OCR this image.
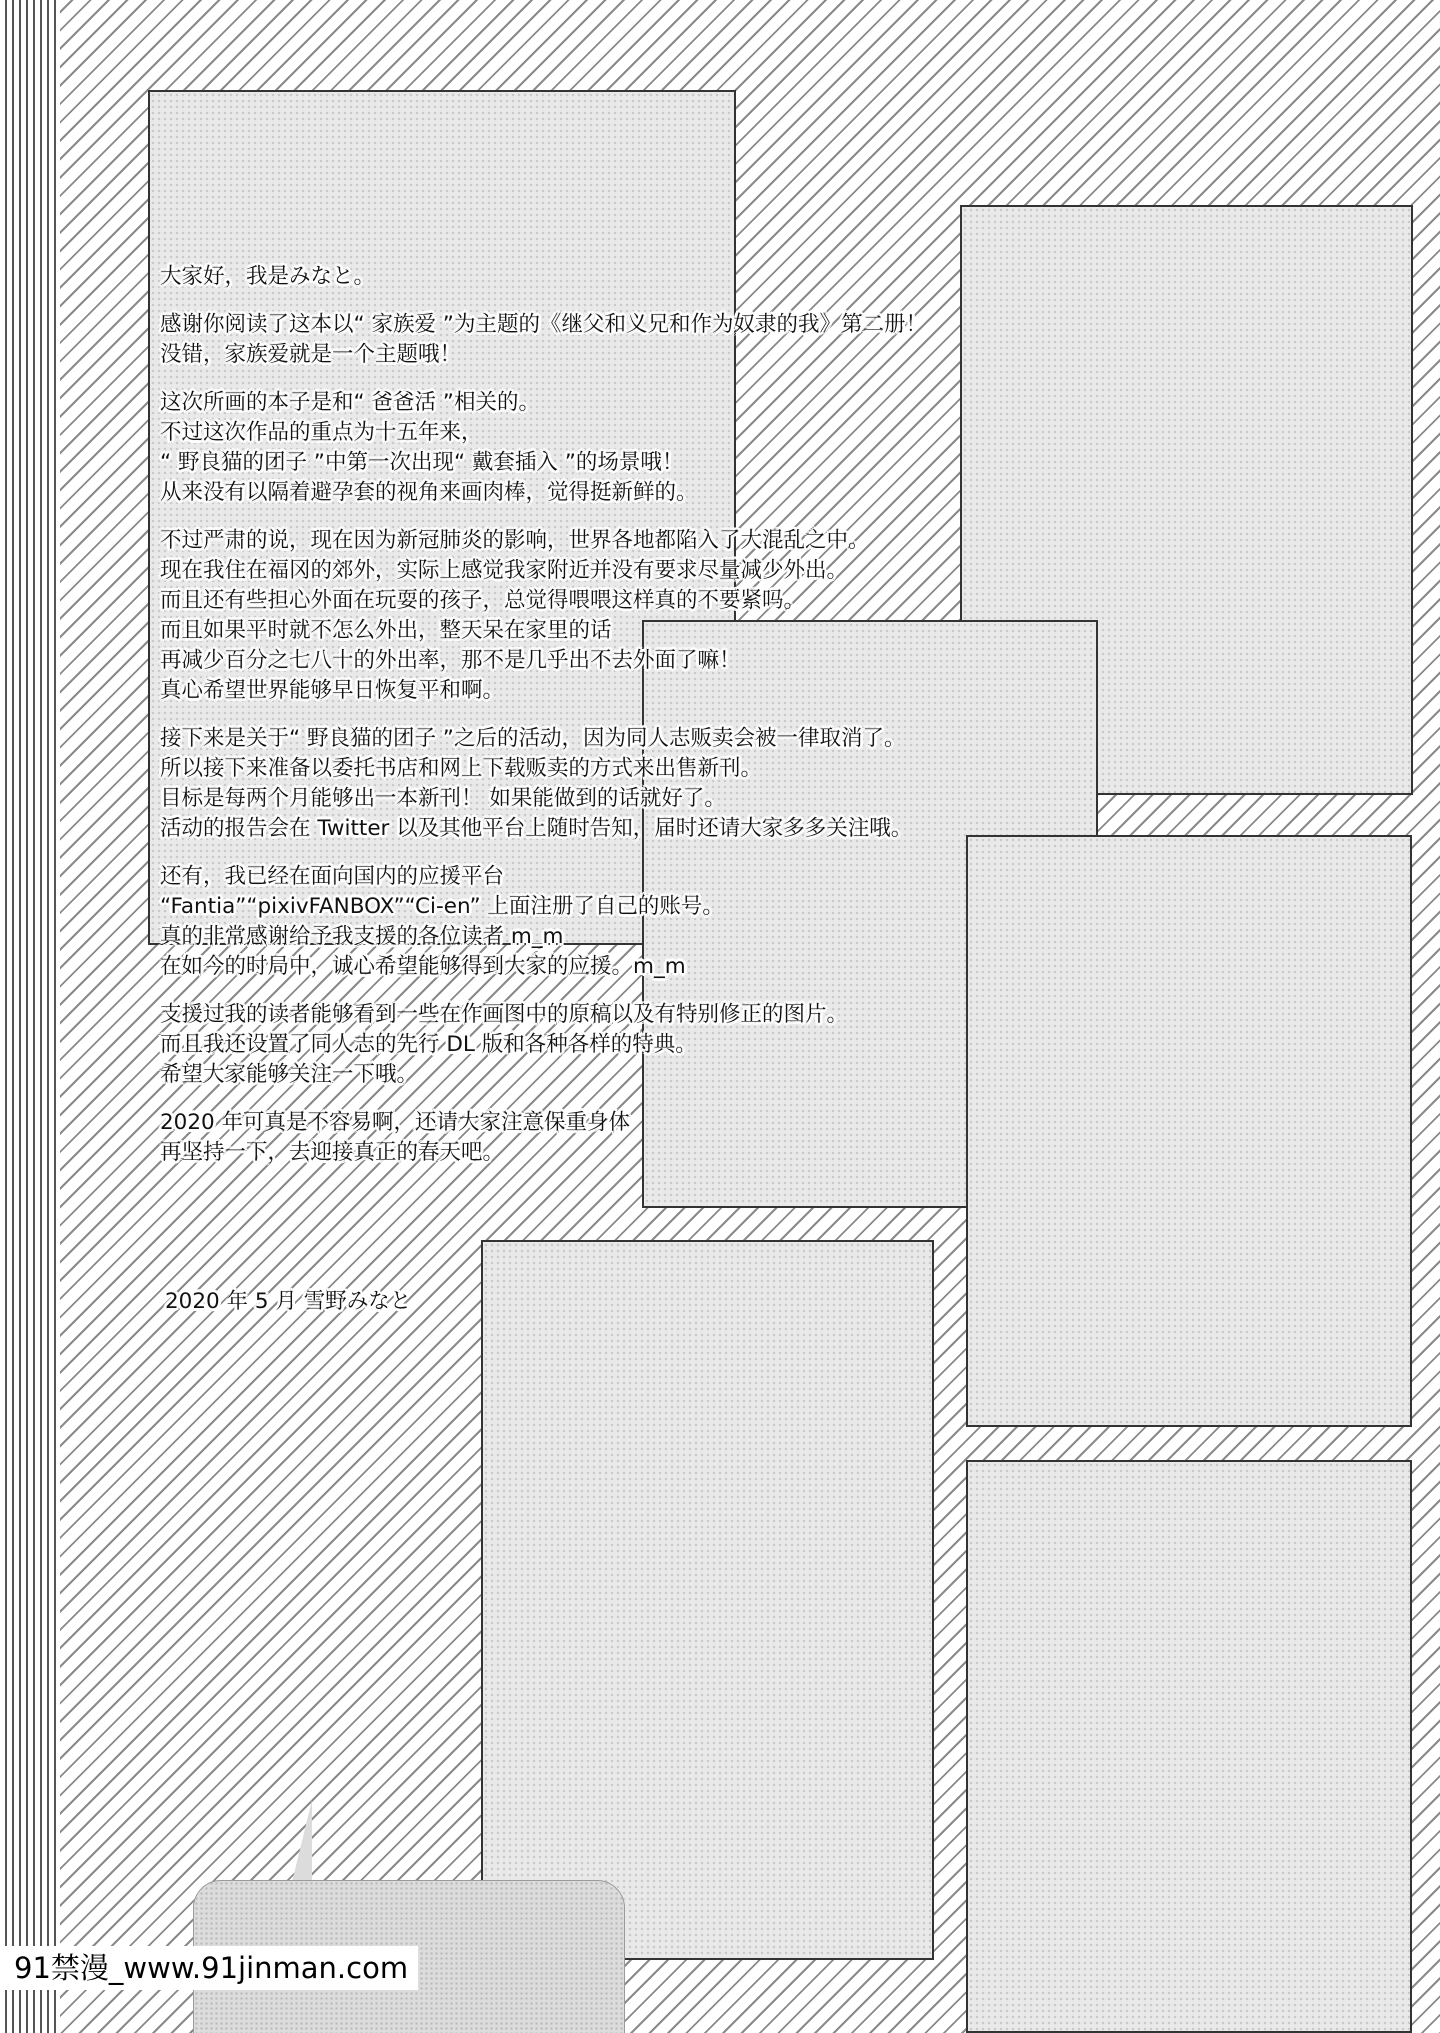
大家好，我是みなと。

感谢你阅读了这本以“ 家族爱 ”为主题的《继父和义兄和作为奴隶的我》第二册！
没错，家族爱就是一个主题哦！

这次所画的本子是和“ 爸爸活 ”相关的。
不过这次作品的重点为十五年来，
“ 野良猫的团子 ”中第一次出现“ 戴套插入 ”的场景哦！
从来没有以隔着避孕套的视角来画肉棒，觉得挺新鲜的。

不过严肃的说，现在因为新冠肺炎的影响，世界各地都陷入了大混乱之中。
现在我住在福冈的郊外，实际上感觉我家附近并没有要求尽量减少外出。
而且还有些担心外面在玩耍的孩子，总觉得喂喂这样真的不要紧吗。
而且如果平时就不怎么外出，整天呆在家里的话
再减少百分之七八十的外出率，那不是几乎出不去外面了嘛！
真心希望世界能够早日恢复平和啊。

接下来是关于“ 野良猫的团子 ”之后的活动，因为同人志贩卖会被一律取消了。
所以接下来准备以委托书店和网上下载贩卖的方式来出售新刊。
目标是每两个月能够出一本新刊！ 如果能做到的话就好了。
活动的报告会在 Twitter 以及其他平台上随时告知，届时还请大家多多关注哦。

还有，我已经在面向国内的应援平台
“Fantia”“pixivFANBOX”“Ci-en” 上面注册了自己的账号。
真的非常感谢给予我支援的各位读者 m_m
在如今的时局中，诚心希望能够得到大家的应援。m_m

支援过我的读者能够看到一些在作画图中的原稿以及有特别修正的图片。
而且我还设置了同人志的先行 DL 版和各种各样的特典。
希望大家能够关注一下哦。

2020 年可真是不容易啊，还请大家注意保重身体
再坚持一下，去迎接真正的春天吧。

2020 年 5 月 雪野みなと
91禁漫_www.91jinman.com
